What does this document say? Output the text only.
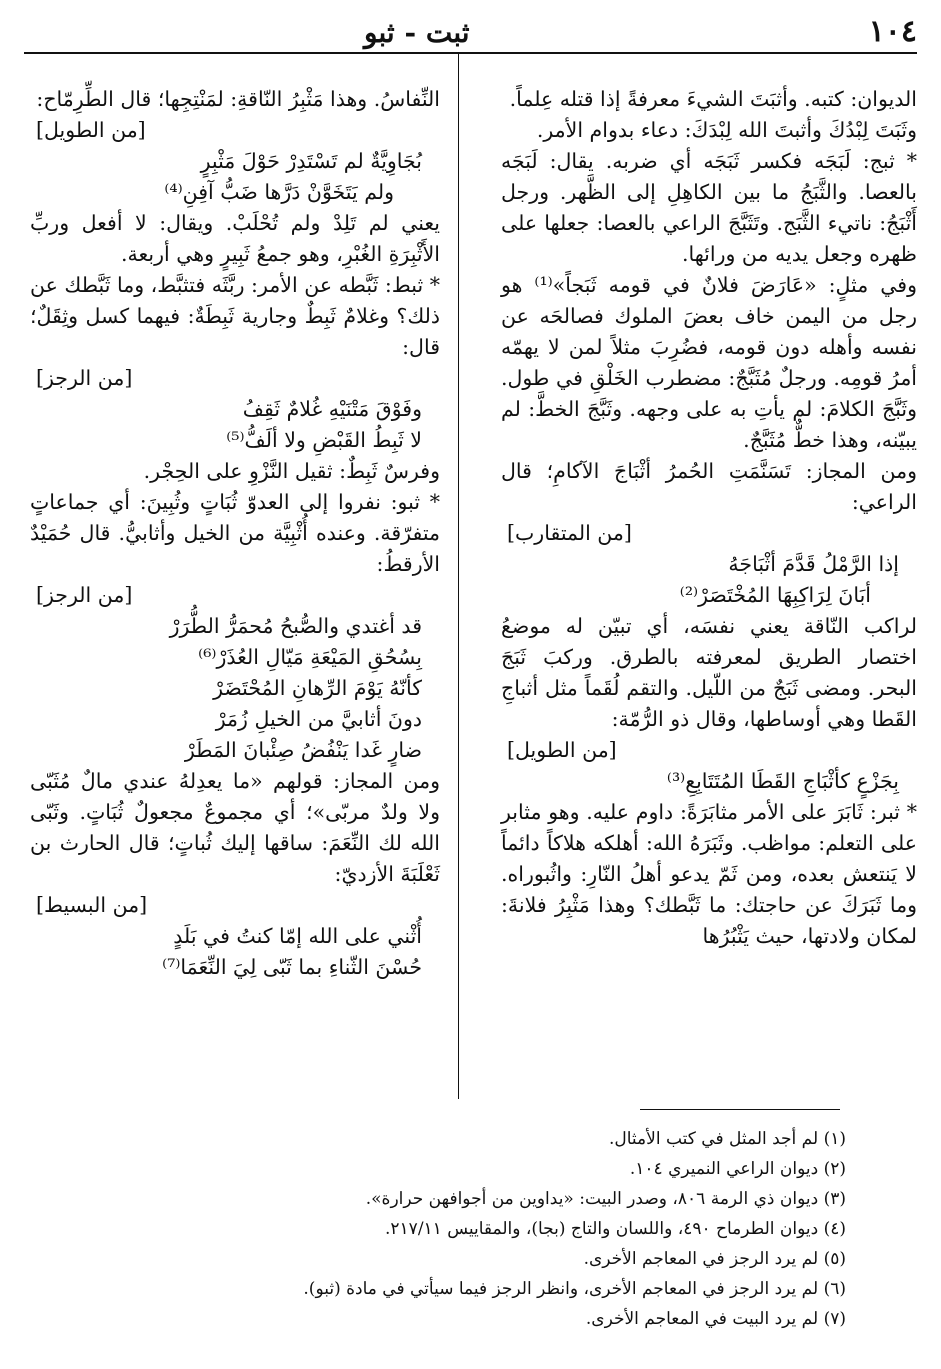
١٠٤
ثبت - ثبو

الديوان: كتبه. وأثبَتَ الشيءَ معرفةً إذا قتله عِلماً.

وثَبَتَ لِبْدُكَ وأثبتَ الله لِبْدَكَ: دعاء بدوام الأمر.

* ثبج: لَبَجَه فكسر ثَبَجَه أي ضربه. يقال: لَبَجَه بالعصا. والثَّبَجُ ما بين الكاهِلِ إلى الظَّهر. ورجل أَثْبَجُ: ناتيء الثَّبَج. وتَثَبَّجَ الراعي بالعصا: جعلها على ظهره وجعل يديه من ورائها.

وفي مثلٍ: «عَارَضَ فلانٌ في قومه ثَبَجاً»⁽¹⁾ هو رجل من اليمن خاف بعضَ الملوك فصالحَه عن نفسه وأهله دون قومه، فضُرِبَ مثلاً لمن لا يهمّه أمرُ قومِه. ورجلٌ مُثَبَّجٌ: مضطرب الخَلْقِ في طول. وثَبَّجَ الكلامَ: لم يأتِ به على وجهه. وثَبَّجَ الخطَّ: لم يبيّنه، وهذا خطٌّ مُثَبَّجٌ.

ومن المجاز: تَسَنَّمَتِ الحُمرُ أثْبَاجَ الآكامِ؛ قال الراعي:

[من المتقارب]

إذا الرَّمْلُ قَدَّمَ أثْبَاجَهُ

أبَانَ لِرَاكِبِهَا المُخْتَصَرْ⁽²⁾

لراكب النّاقة يعني نفسَه، أي تبيّن له موضعُ اختصار الطريق لمعرفته بالطرق. وركبَ ثَبَجَ البحر. ومضى ثَبَجٌ من اللّيل. والتقم لُقَماً مثل أثباجِ القَطا وهي أوساطها، وقال ذو الرُّمّة:

[من الطويل]

بِجَزْعٍ كأثْبَاجِ القَطَا المُتَتَابِعِ⁽³⁾

* ثبر: ثَابَرَ على الأمر مثابَرَةً: داوم عليه. وهو مثابر على التعلم: مواظب. وثَبَرَهُ الله: أهلكه هلاكاً دائماً لا يَنتعش بعده، ومن ثَمّ يدعو أهلُ النّارِ: واثُبوراه. وما ثَبَرَكَ عن حاجتك: ما ثَبَّطك؟ وهذا مَثْبِرُ فلانةَ: لمكان ولادتها، حيث يَثْبُرُها

النِّفاسُ. وهذا مَثْبِرُ النّاقةِ: لمَنْتِجِها؛ قال الطِّرِمّاح:

[من الطويل]

بُجَاوِيَّةٌ لم تَسْتَدِرْ حَوْلَ مَثْبِرٍ

ولم يَتَخَوَّنْ دَرَّها ضَبُّ آفِنِ⁽⁴⁾

يعني لم تَلِدْ ولم تُحْلَبْ. ويقال: لا أفعل وربِّ الأَثْبِرَةِ الغُبْرِ، وهو جمعُ ثَبِيرٍ وهي أربعة.

* ثبط: ثَبَّطه عن الأمر: ربَّثَه فتثبَّط، وما ثَبَّطك عن ذلك؟ وغلامٌ ثَبِطٌ وجارية ثَبِطَةٌ: فيهما كسل وثِقَلٌ؛ قال:

[من الرجز]

وفَوْقَ مَتْنَيْهِ غُلامٌ ثَقِفُ

لا ثَبِطُ القَبْضِ ولا ألَفُّ⁽⁵⁾

وفرسٌ ثَبِطٌ: ثقيل النَّزْوِ على الحِجْر.

* ثبو: نفروا إلى العدوّ ثُبَاتٍ وثُبِينَ: أي جماعاتٍ متفرّقة. وعنده أُثْبِيَّة من الخيل وأثابيُّ. قال حُمَيْدٌ الأرقطُ:

[من الرجز]

قد أغتدي والصُّبحُ مُحمَرُّ الطُّرَرْ

بِسُحُقِ المَيْعَةِ مَيّالِ العُذَرْ⁽⁶⁾

كأنّهُ يَوْمَ الرِّهانِ المُحْتَضَرْ

دونَ أثابيَّ من الخيلِ زُمَرْ

ضارٍ غَدا يَنْفُضُ صِئْبانَ المَطَرْ

ومن المجاز: قولهم «ما يعدِلهُ عندي مالٌ مُثَبّى ولا ولدٌ مربّى»؛ أي مجموعٌ مجعولٌ ثُبَاتٍ. وثَبّى الله لك النِّعَمَ: ساقها إليك ثُباتٍ؛ قال الحارث بن ثَعْلَبَةَ الأزديّ:

[من البسيط]

أُثْني على الله إمّا كنتُ في بَلَدٍ

حُسْنَ الثّناءِ بما ثَبّى لِيَ النِّعَمَا⁽⁷⁾

(١) لم أجد المثل في كتب الأمثال.
(٢) ديوان الراعي النميري ١٠٤.
(٣) ديوان ذي الرمة ٨٠٦، وصدر البيت: «يداوين من أجوافهن حرارة».
(٤) ديوان الطرماح ٤٩٠، واللسان والتاج (بجا)، والمقاييس ٢١٧/١١.
(٥) لم يرد الرجز في المعاجم الأخرى.
(٦) لم يرد الرجز في المعاجم الأخرى، وانظر الرجز فيما سيأتي في مادة (ثبو).
(٧) لم يرد البيت في المعاجم الأخرى.
